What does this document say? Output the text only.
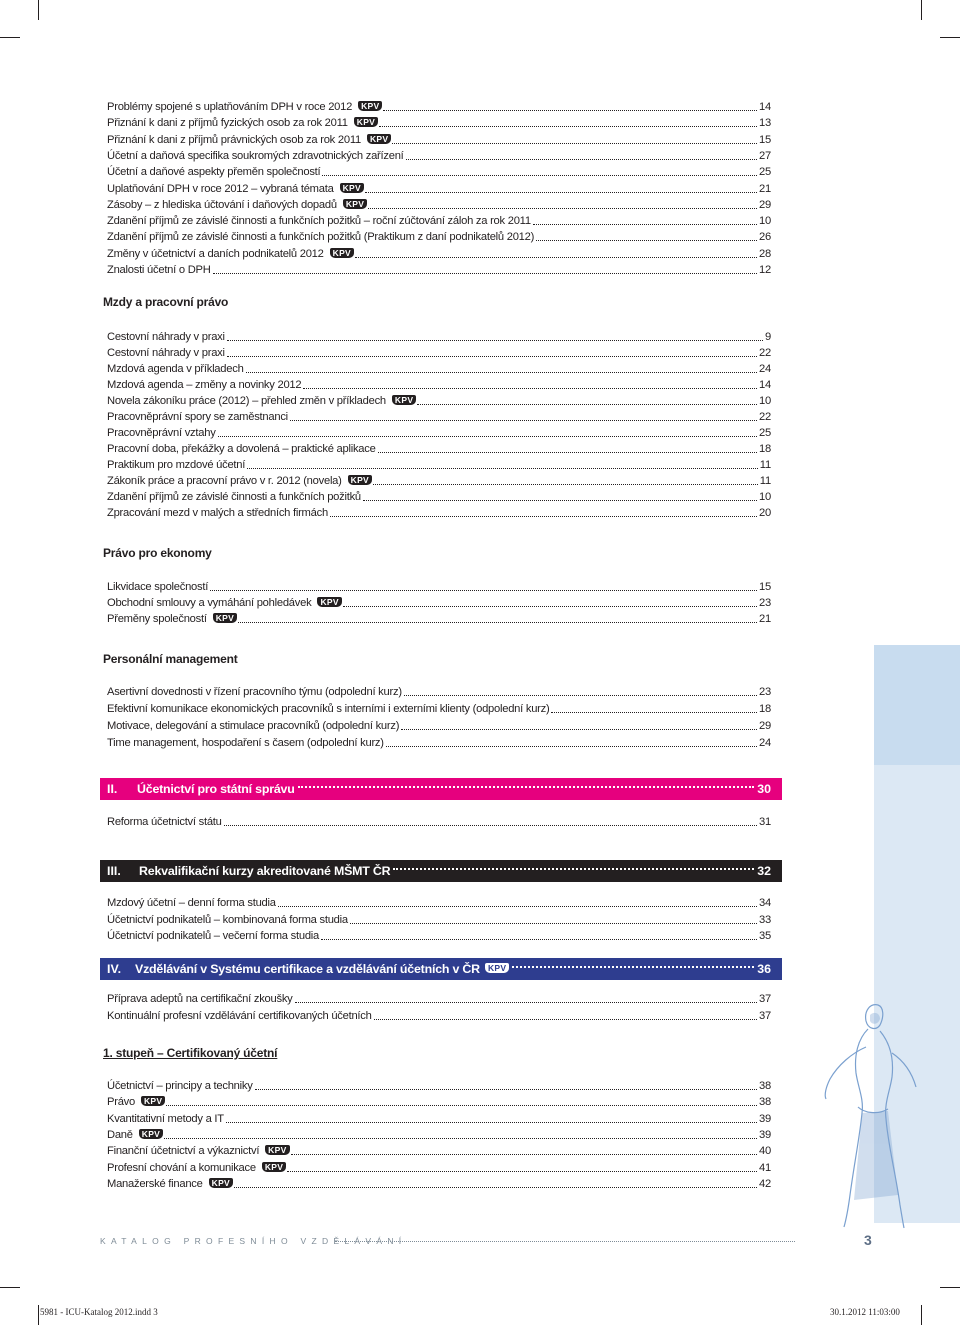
Problémy spojené s uplatňováním DPH v roce 2012	KPV	14
Přiznání k dani z příjmů fyzických osob za rok 2011	KPV	13
Přiznání k dani z příjmů právnických osob za rok 2011	KPV	15
Účetní a daňová specifika soukromých zdravotnických zařízení	27
Účetní a daňové aspekty přeměn společností	25
Uplatňování DPH v roce 2012 – vybraná témata	KPV	21
Zásoby – z hlediska účtování i daňových dopadů	KPV	29
Zdanění příjmů ze závislé činnosti a funkčních požitků – roční zúčtování záloh za rok 2011	10
Zdanění příjmů ze závislé činnosti a funkčních požitků (Praktikum z daní podnikatelů 2012)	26
Změny v účetnictví a daních podnikatelů 2012	KPV	28
Znalosti účetní o DPH	12
Mzdy a pracovní právo
Cestovní náhrady v praxi	9
Cestovní náhrady v praxi	22
Mzdová agenda v příkladech	24
Mzdová agenda – změny a novinky 2012	14
Novela zákoníku práce (2012) – přehled změn v příkladech	KPV	10
Pracovněprávní spory se zaměstnanci	22
Pracovněprávní vztahy	25
Pracovní doba, překážky a dovolená – praktické aplikace	18
Praktikum pro mzdové účetní	11
Zákoník práce a pracovní právo v r. 2012 (novela)	KPV	11
Zdanění příjmů ze závislé činnosti a funkčních požitků	10
Zpracování mezd v malých a středních firmách	20
Právo pro ekonomy
Likvidace společností	15
Obchodní smlouvy a vymáhání pohledávek	KPV	23
Přeměny společností	KPV	21
Personální management
Asertivní dovednosti v řízení pracovního týmu (odpolední kurz)	23
Efektivní komunikace ekonomických pracovníků s interními i externími klienty (odpolední kurz)	18
Motivace, delegování a stimulace pracovníků (odpolední kurz)	29
Time management, hospodaření s časem (odpolední kurz)	24
II.	Účetnictví pro státní správu	30
Reforma účetnictví státu	31
III.	Rekvalifikační kurzy akreditované MŠMT ČR	32
Mzdový účetní – denní forma studia	34
Účetnictví podnikatelů – kombinovaná forma studia	33
Účetnictví podnikatelů – večerní forma studia	35
IV.	Vzdělávání v Systému certifikace a vzdělávání účetních v ČR KPV	36
Příprava adeptů na certifikační zkoušky	37
Kontinuální profesní vzdělávání certifikovaných účetních	37
1. stupeň – Certifikovaný účetní
Účetnictví – principy a techniky	38
Právo	KPV	38
Kvantitativní metody a IT	39
Daně	KPV	39
Finanční účetnictví a výkaznictví	KPV	40
Profesní chování a komunikace	KPV	41
Manažerské finance	KPV	42
KATALOG PROFESNÍHO VZDĚLÁVÁNÍ	3
5981 - ICU-Katalog 2012.indd 3	30.1.2012 11:03:00
